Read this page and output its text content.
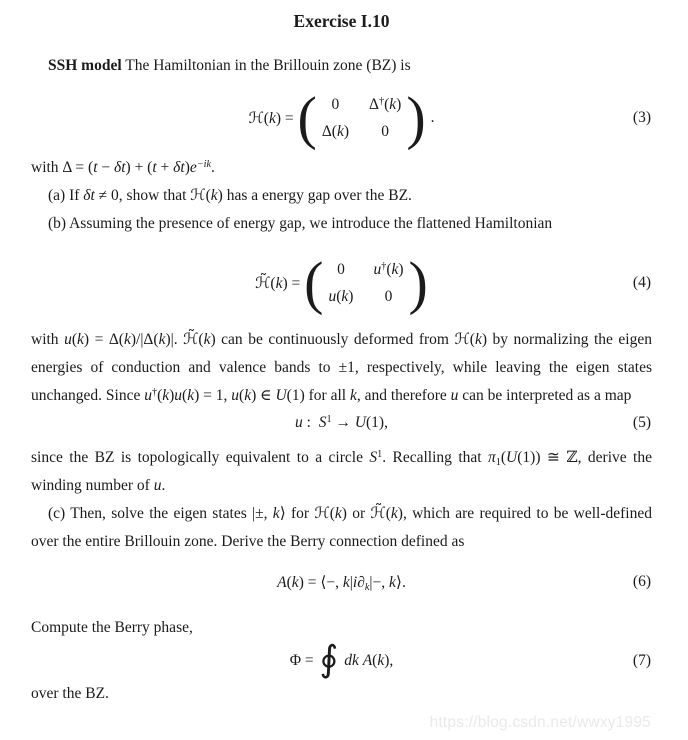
Exercise I.10

SSH model The Hamiltonian in the Brillouin zone (BZ) is

ℋ(k) = ( 0 Δ†(k)
Δ(k) 0 ) .	(3)

with $\Delta = (t - \delta t) + (t + \delta t)e^{-ik}$.

(a) If δt ≠ 0, show that ℋ(k) has a energy gap over the BZ.

(b) Assuming the presence of energy gap, we introduce the flattened Hamiltonian

ℋ̃(k) = ( 0 u†(k)
u(k) 0 )	(4)

with u(k) = Δ(k)/|Δ(k)|. ℋ̃(k) can be continuously deformed from ℋ(k) by normalizing the eigen energies of conduction and valence bands to ±1, respectively, while leaving the eigen states unchanged. Since u†(k)u(k) = 1, u(k) ∈ U(1) for all k, and therefore u can be interpreted as a map

u :  $S^1 \to U(1)$,	(5)

since the BZ is topologically equivalent to a circle $S^1$. Recalling that $\pi_1(U(1))$ ≅ ℤ, derive the winding number of u.

(c) Then, solve the eigen states |±, k⟩ for ℋ(k) or ℋ̃(k), which are required to be well-defined over the entire Brillouin zone. Derive the Berry connection defined as

A(k) = ⟨−, $k|i\partial_k|-$, k⟩.	(6)

Compute the Berry phase,

Φ = ∮ dk A(k),	(7)

over the BZ.

https://blog.csdn.net/wwxy1995
